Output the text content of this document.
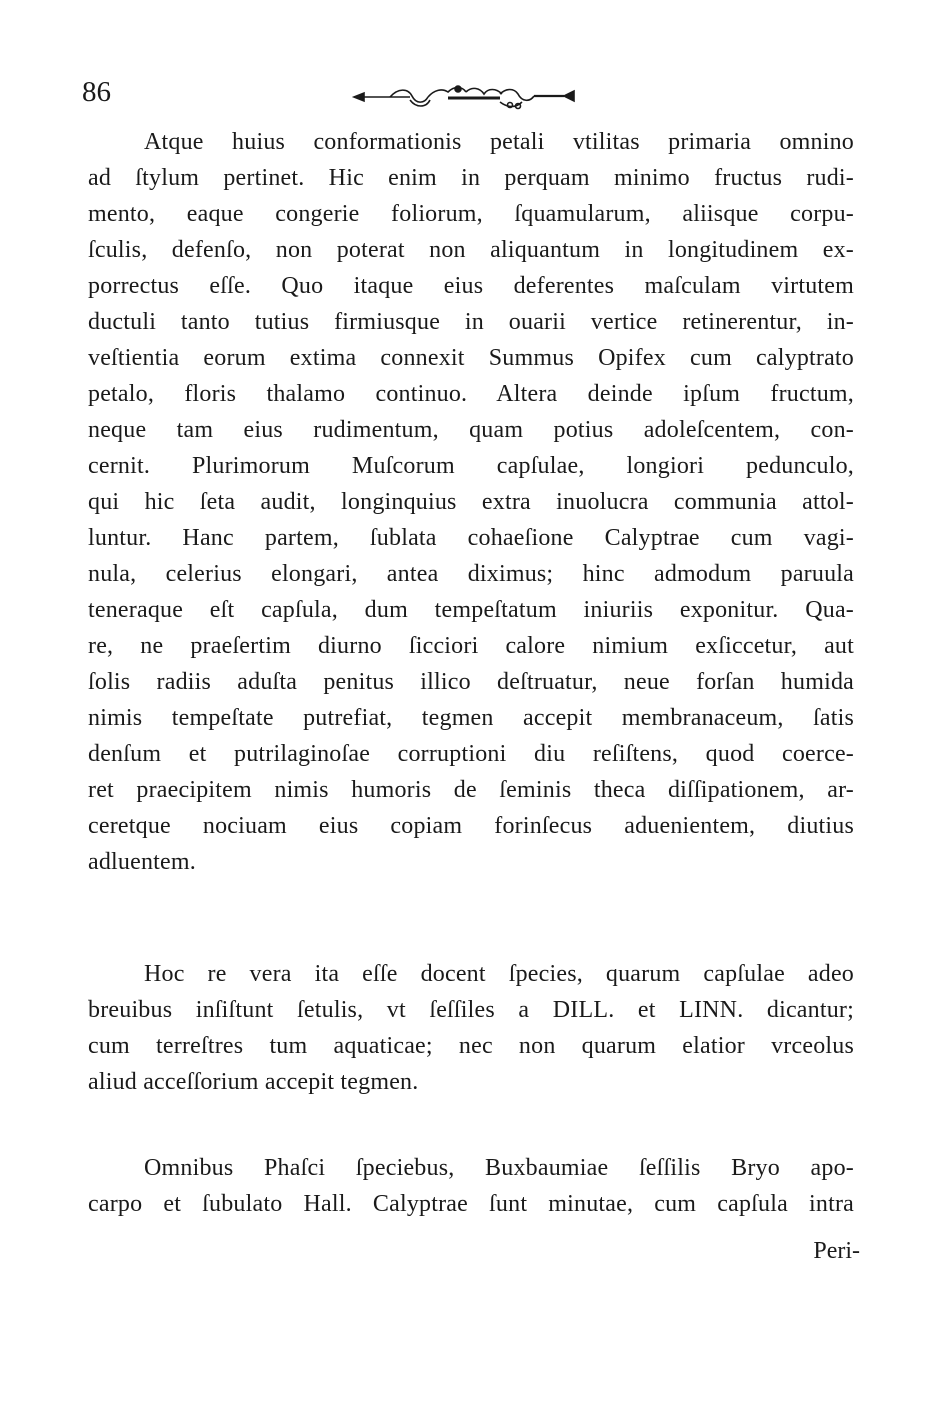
86
Atque huius conformationis petali vtilitas primaria omnino
ad ſtylum pertinet. Hic enim in perquam minimo fructus rudi-
mento, eaque congerie foliorum, ſquamularum, aliisque corpu-
ſculis, defenſo, non poterat non aliquantum in longitudinem ex-
porrectus eſſe. Quo itaque eius deferentes maſculam virtutem
ductuli tanto tutius firmiusque in ouarii vertice retinerentur, in-
veſtientia eorum extima connexit Summus Opifex cum calyptrato
petalo, floris thalamo continuo. Altera deinde ipſum fructum,
neque tam eius rudimentum, quam potius adoleſcentem, con-
cernit. Plurimorum Muſcorum capſulae, longiori pedunculo,
qui hic ſeta audit, longinquius extra inuolucra communia attol-
luntur. Hanc partem, ſublata cohaeſione Calyptrae cum vagi-
nula, celerius elongari, antea diximus; hinc admodum paruula
teneraque eſt capſula, dum tempeſtatum iniuriis exponitur. Qua-
re, ne praeſertim diurno ſicciori calore nimium exſiccetur, aut
ſolis radiis aduſta penitus illico deſtruatur, neue forſan humida
nimis tempeſtate putrefiat, tegmen accepit membranaceum, ſatis
denſum et putrilaginoſae corruptioni diu reſiſtens, quod coerce-
ret praecipitem nimis humoris de ſeminis theca diſſipationem, ar-
ceretque nociuam eius copiam forinſecus aduenientem, diutius
adluentem.
Hoc re vera ita eſſe docent ſpecies, quarum capſulae adeo
breuibus inſiſtunt ſetulis, vt ſeſſiles a DILL. et LINN. dicantur;
cum terreſtres tum aquaticae; nec non quarum elatior vrceolus
aliud acceſſorium accepit tegmen.
Omnibus Phaſci ſpeciebus, Buxbaumiae ſeſſilis Bryo apo-
carpo et ſubulato Hall. Calyptrae ſunt minutae, cum capſula intra
Peri-
